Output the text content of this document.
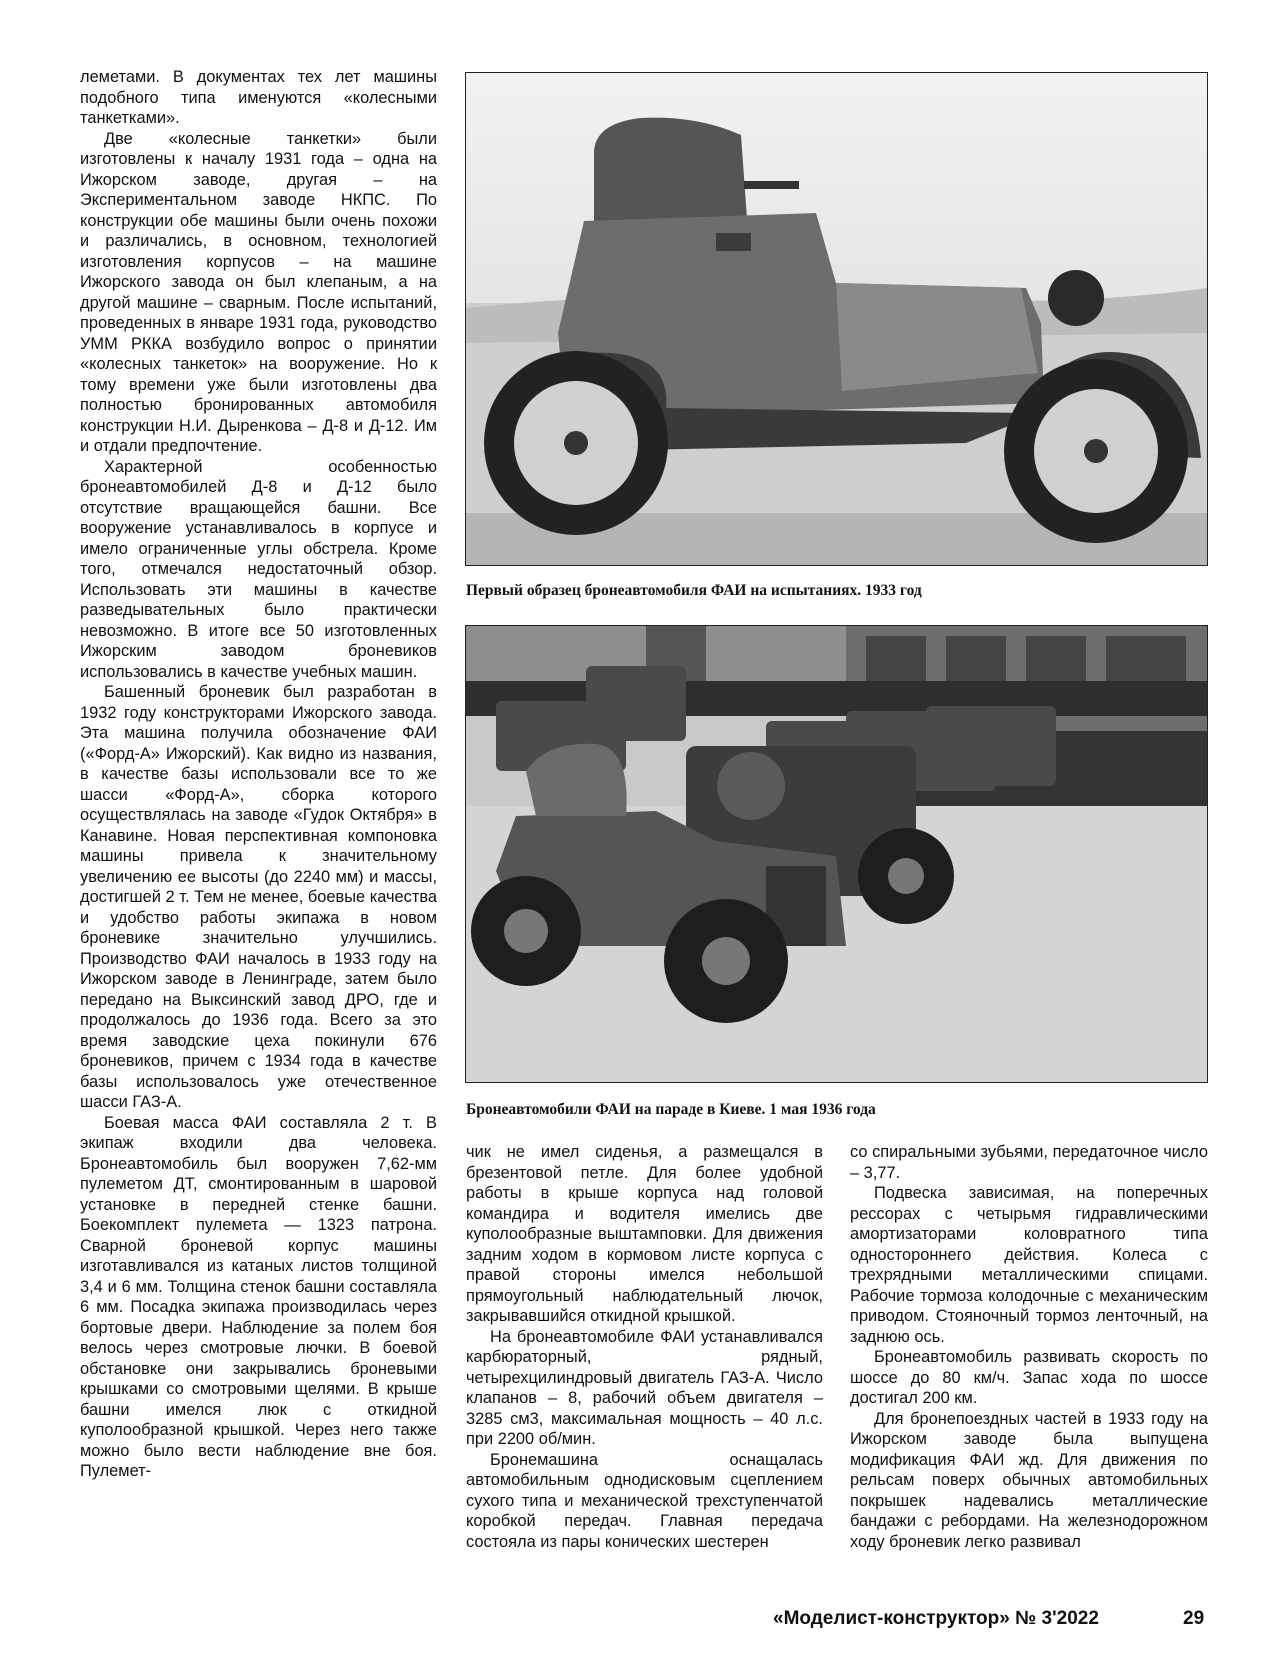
леметами. В документах тех лет машины подобного типа именуются «колесными танкетками».

Две «колесные танкетки» были изготовлены к началу 1931 года – одна на Ижорском заводе, другая – на Экспериментальном заводе НКПС. По конструкции обе машины были очень похожи и различались, в основном, технологией изготовления корпусов – на машине Ижорского завода он был клепаным, а на другой машине – сварным. После испытаний, проведенных в январе 1931 года, руководство УММ РККА возбудило вопрос о принятии «колесных танкеток» на вооружение. Но к тому времени уже были изготовлены два полностью бронированных автомобиля конструкции Н.И. Дыренкова – Д-8 и Д-12. Им и отдали предпочтение.

Характерной особенностью бронеавтомобилей Д-8 и Д-12 было отсутствие вращающейся башни. Все вооружение устанавливалось в корпусе и имело ограниченные углы обстрела. Кроме того, отмечался недостаточный обзор. Использовать эти машины в качестве разведывательных было практически невозможно. В итоге все 50 изготовленных Ижорским заводом броневиков использовались в качестве учебных машин.

Башенный броневик был разработан в 1932 году конструкторами Ижорского завода. Эта машина получила обозначение ФАИ («Форд-А» Ижорский). Как видно из названия, в качестве базы использовали все то же шасси «Форд-А», сборка которого осуществлялась на заводе «Гудок Октября» в Канавине. Новая перспективная компоновка машины привела к значительному увеличению ее высоты (до 2240 мм) и массы, достигшей 2 т. Тем не менее, боевые качества и удобство работы экипажа в новом броневике значительно улучшились. Производство ФАИ началось в 1933 году на Ижорском заводе в Ленинграде, затем было передано на Выксинский завод ДРО, где и продолжалось до 1936 года. Всего за это время заводские цеха покинули 676 броневиков, причем с 1934 года в качестве базы использовалось уже отечественное шасси ГАЗ-А.

Боевая масса ФАИ составляла 2 т. В экипаж входили два человека. Бронеавтомобиль был вооружен 7,62-мм пулеметом ДТ, смонтированным в шаровой установке в передней стенке башни. Боекомплект пулемета — 1323 патрона. Сварной броневой корпус машины изготавливался из катаных листов толщиной 3,4 и 6 мм. Толщина стенок башни составляла 6 мм. Посадка экипажа производилась через бортовые двери. Наблюдение за полем боя велось через смотровые лючки. В боевой обстановке они закрывались броневыми крышками со смотровыми щелями. В крыше башни имелся люк с откидной куполообразной крышкой. Через него также можно было вести наблюдение вне боя. Пулемет-

Первый образец бронеавтомобиля ФАИ на испытаниях. 1933 год
Бронеавтомобили ФАИ на параде в Киеве. 1 мая 1936 года

чик не имел сиденья, а размещался в брезентовой петле. Для более удобной работы в крыше корпуса над головой командира и водителя имелись две куполообразные выштамповки. Для движения задним ходом в кормовом листе корпуса с правой стороны имелся небольшой прямоугольный наблюдательный лючок, закрывавшийся откидной крышкой.

На бронеавтомобиле ФАИ устанавливался карбюраторный, рядный, четырехцилиндровый двигатель ГАЗ-А. Число клапанов – 8, рабочий объем двигателя – 3285 см3, максимальная мощность – 40 л.с. при 2200 об/мин.

Бронемашина оснащалась автомобильным однодисковым сцеплением сухого типа и механической трехступенчатой коробкой передач. Главная передача состояла из пары конических шестерен

со спиральными зубьями, передаточное число – 3,77.

Подвеска зависимая, на поперечных рессорах с четырьмя гидравлическими амортизаторами коловратного типа одностороннего действия. Колеса с трехрядными металлическими спицами. Рабочие тормоза колодочные с механическим приводом. Стояночный тормоз ленточный, на заднюю ось.

Бронеавтомобиль развивать скорость по шоссе до 80 км/ч. Запас хода по шоссе достигал 200 км.

Для бронепоездных частей в 1933 году на Ижорском заводе была выпущена модификация ФАИ жд. Для движения по рельсам поверх обычных автомобильных покрышек надевались металлические бандажи с ребордами. На железнодорожном ходу броневик легко развивал

«Моделист-конструктор» № 3'2022	29
